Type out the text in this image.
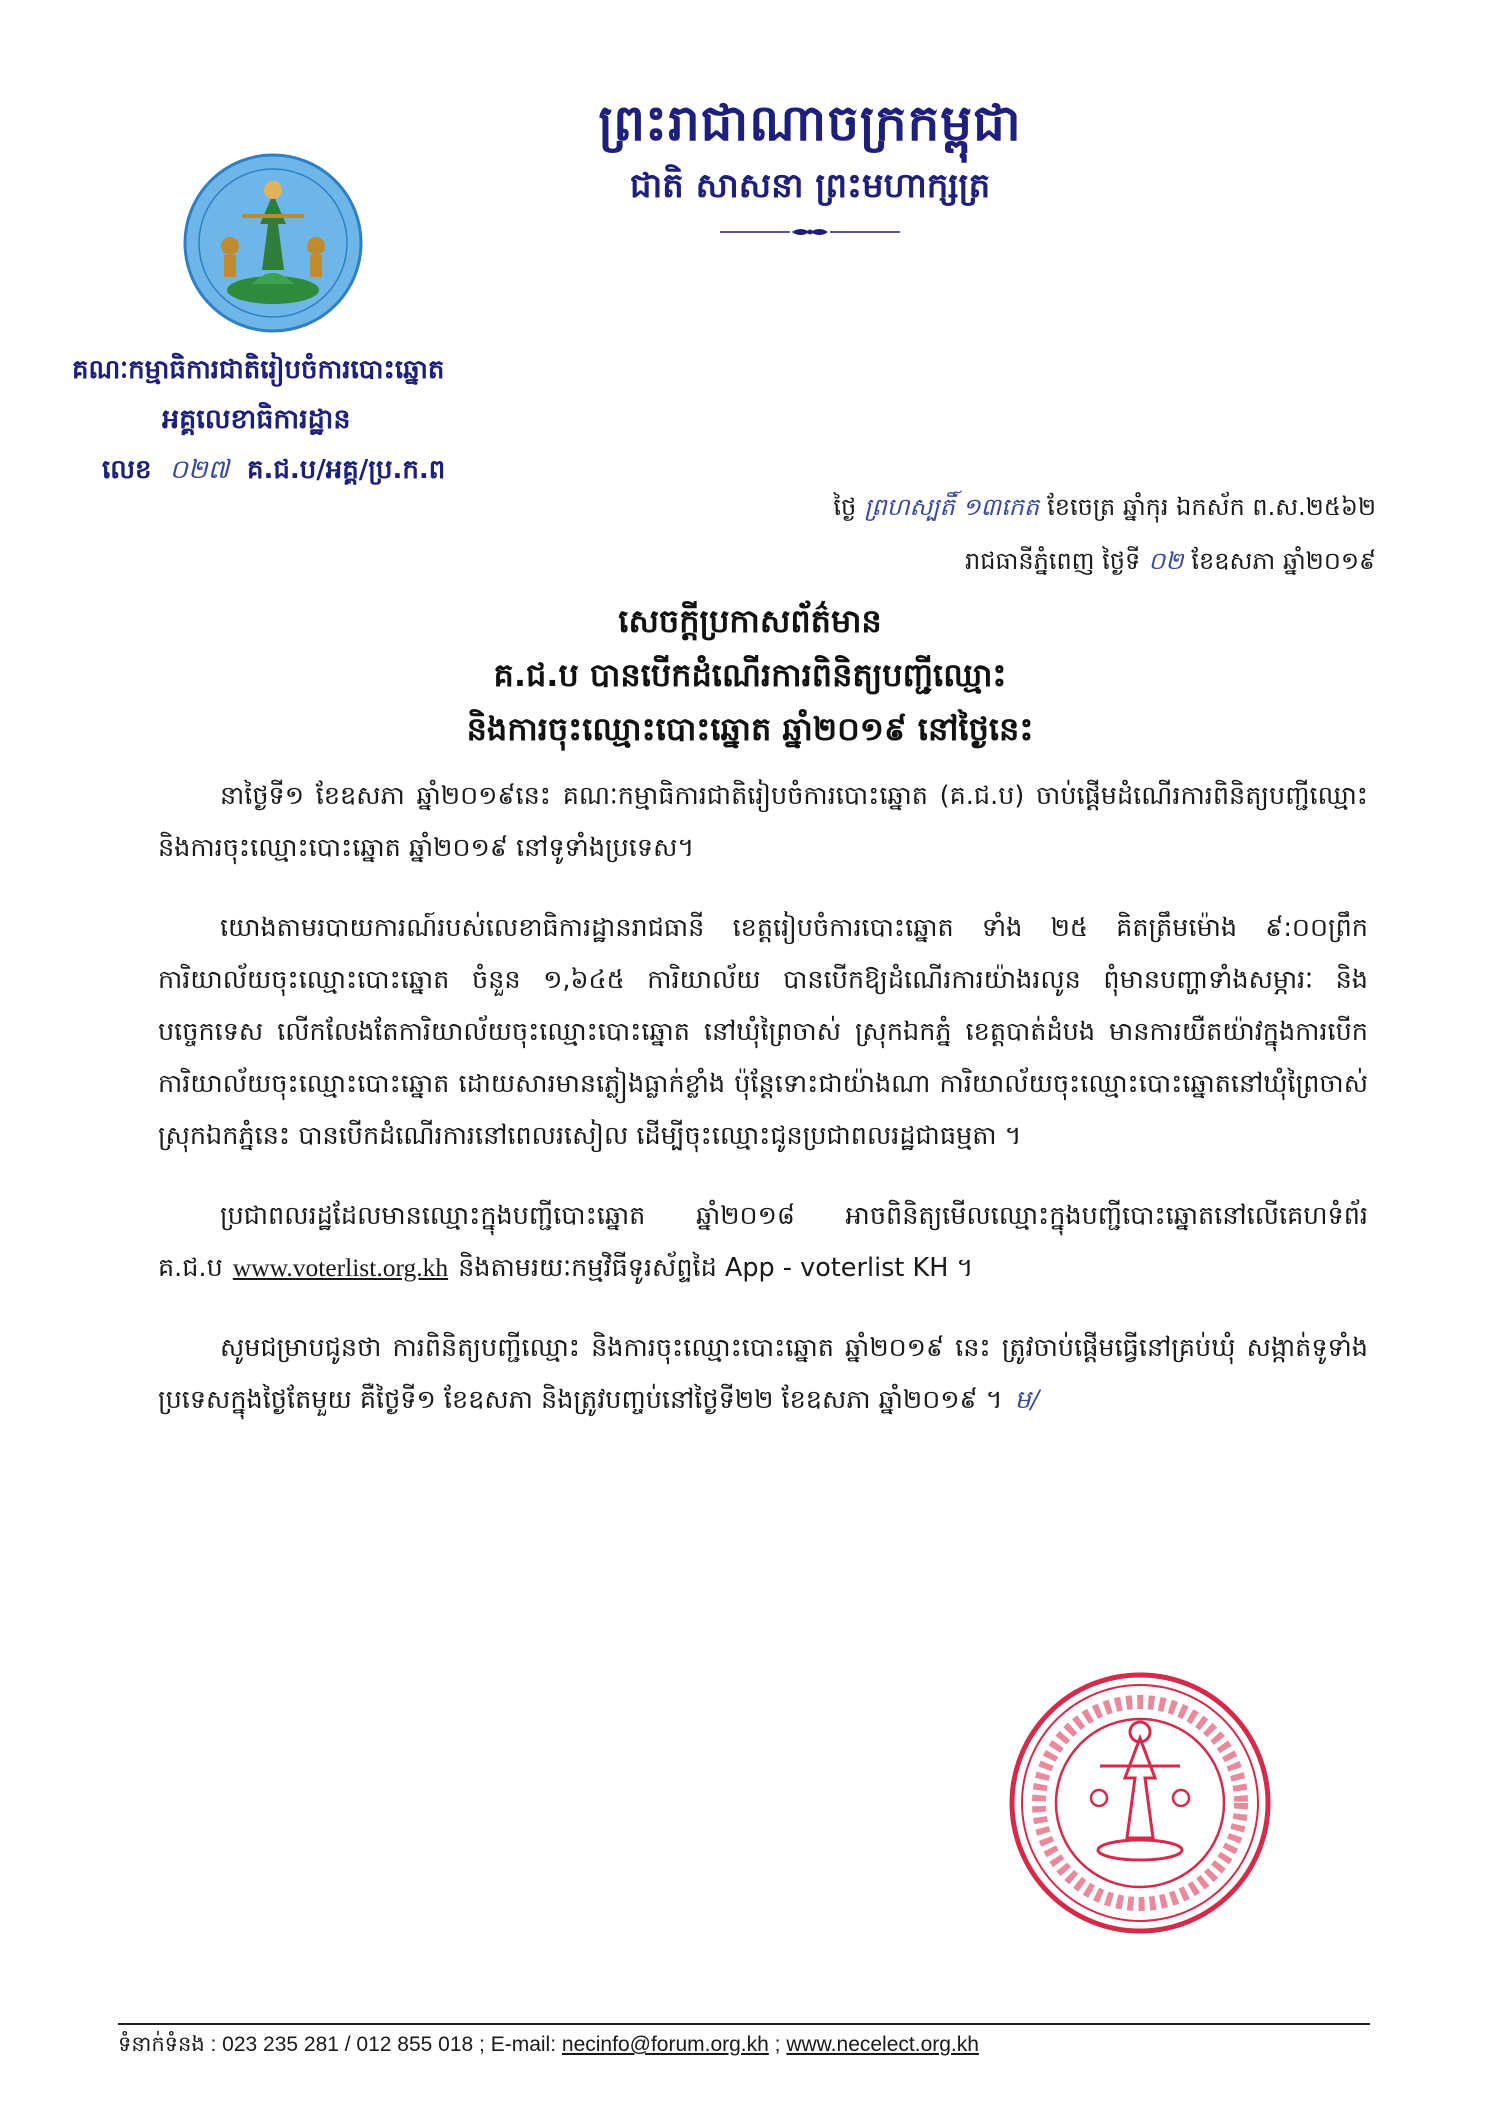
ព្រះរាជាណាចក្រកម្ពុជា
ជាតិ សាសនា ព្រះមហាក្សត្រ
គណៈកម្មាធិការជាតិរៀបចំការបោះឆ្នោត
អគ្គលេខាធិការដ្ឋាន
លេខ ០២៧ គ.ជ.ប/អគ្គ/ប្រ.ក.ព
ថ្ងៃ ព្រហស្បតិ៍ ១៣កេត ខែចេត្រ ឆ្នាំកុរ ឯកស័ក ព.ស.២៥៦២
រាជធានីភ្នំពេញ ថ្ងៃទី ០២ ខែឧសភា ឆ្នាំ២០១៩
សេចក្តីប្រកាសព័ត៌មាន
គ.ជ.ប បានបើកដំណើរការពិនិត្យបញ្ជីឈ្មោះ
និងការចុះឈ្មោះបោះឆ្នោត ឆ្នាំ២០១៩ នៅថ្ងៃនេះ

នាថ្ងៃទី១ ខែឧសភា ឆ្នាំ២០១៩នេះ គណៈកម្មាធិការជាតិរៀបចំការបោះឆ្នោត (គ.ជ.ប) ចាប់ផ្តើមដំណើរការពិនិត្យបញ្ជីឈ្មោះ និងការចុះឈ្មោះបោះឆ្នោត ឆ្នាំ២០១៩ នៅទូទាំងប្រទេស។

យោងតាមរបាយការណ៍របស់លេខាធិការដ្ឋានរាជធានី ខេត្តរៀបចំការបោះឆ្នោត ទាំង ២៥ គិតត្រឹមម៉ោង ៩:០០ព្រឹក ការិយាល័យចុះឈ្មោះបោះឆ្នោត ចំនួន ១,៦៤៥ ការិយាល័យ បានបើកឱ្យដំណើរការយ៉ាងរលូន ពុំមានបញ្ហាទាំងសម្ភារៈ និងបច្ចេកទេស លើកលែងតែការិយាល័យចុះឈ្មោះបោះឆ្នោត នៅឃុំព្រៃចាស់ ស្រុកឯកភ្នំ ខេត្តបាត់ដំបង មានការយឺតយ៉ាវក្នុងការបើកការិយាល័យចុះឈ្មោះបោះឆ្នោត ដោយសារមានភ្លៀងធ្លាក់ខ្លាំង ប៉ុន្តែទោះជាយ៉ាងណា ការិយាល័យចុះឈ្មោះបោះឆ្នោតនៅឃុំព្រៃចាស់ ស្រុកឯកភ្នំនេះ បានបើកដំណើរការនៅពេលរសៀល ដើម្បីចុះឈ្មោះជូនប្រជាពលរដ្ឋជាធម្មតា ។

ប្រជាពលរដ្ឋដែលមានឈ្មោះក្នុងបញ្ជីបោះឆ្នោត ឆ្នាំ២០១៨ អាចពិនិត្យមើលឈ្មោះក្នុងបញ្ជីបោះឆ្នោតនៅលើគេហទំព័រ គ.ជ.ប www.voterlist.org.kh និងតាមរយៈកម្មវិធីទូរស័ព្ទដៃ App - voterlist KH ។

សូមជម្រាបជូនថា ការពិនិត្យបញ្ជីឈ្មោះ និងការចុះឈ្មោះបោះឆ្នោត ឆ្នាំ២០១៩ នេះ ត្រូវចាប់ផ្តើមធ្វើនៅគ្រប់ឃុំ សង្កាត់ទូទាំងប្រទេសក្នុងថ្ងៃតែមួយ គឺថ្ងៃទី១ ខែឧសភា និងត្រូវបញ្ចប់នៅថ្ងៃទី២២ ខែឧសភា ឆ្នាំ២០១៩ ។ ម/

ទំនាក់ទំនង : 023 235 281 / 012 855 018 ; E-mail: necinfo@forum.org.kh ; www.necelect.org.kh
